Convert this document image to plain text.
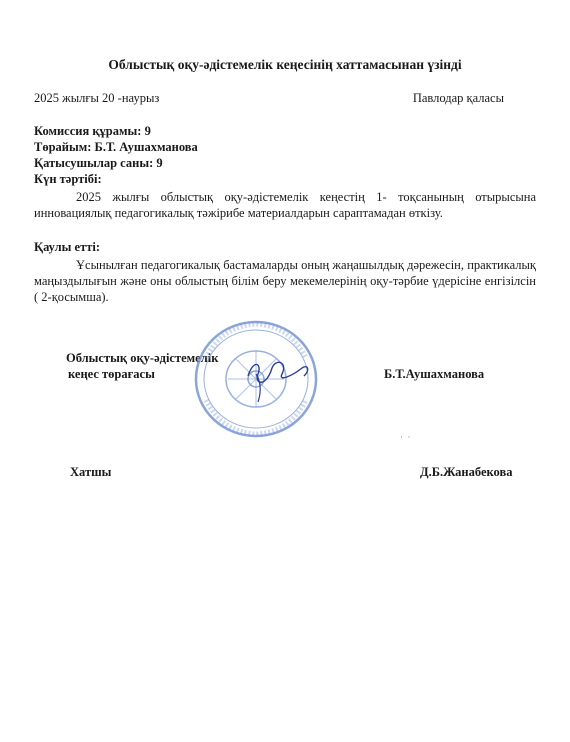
Облыстық оқу-әдістемелік кеңесінің хаттамасынан үзінді
2025 жылғы 20 -наурыз	Павлодар қаласы
Комиссия құрамы: 9
Төрайым: Б.Т. Аушахманова
Қатысушылар саны: 9
Күн тәртібі:
2025 жылғы облыстық оқу-әдістемелік кеңестің 1- тоқсанының отырысына инновациялық педагогикалық тәжірибе материалдарын сараптамадан өткізу.
Қаулы етті:
Ұсынылған педагогикалық бастамаларды оның жаңашылдық дәрежесін, практикалық маңыздылығын және оны облыстың білім беру мекемелерінің оқу-тәрбие үдерісіне енгізілсін ( 2-қосымша).
Облыстық оқу-әдістемелік
кеңес төрағасы	Б.Т.Аушахманова
·  ·
Хатшы	Д.Б.Жанабекова
